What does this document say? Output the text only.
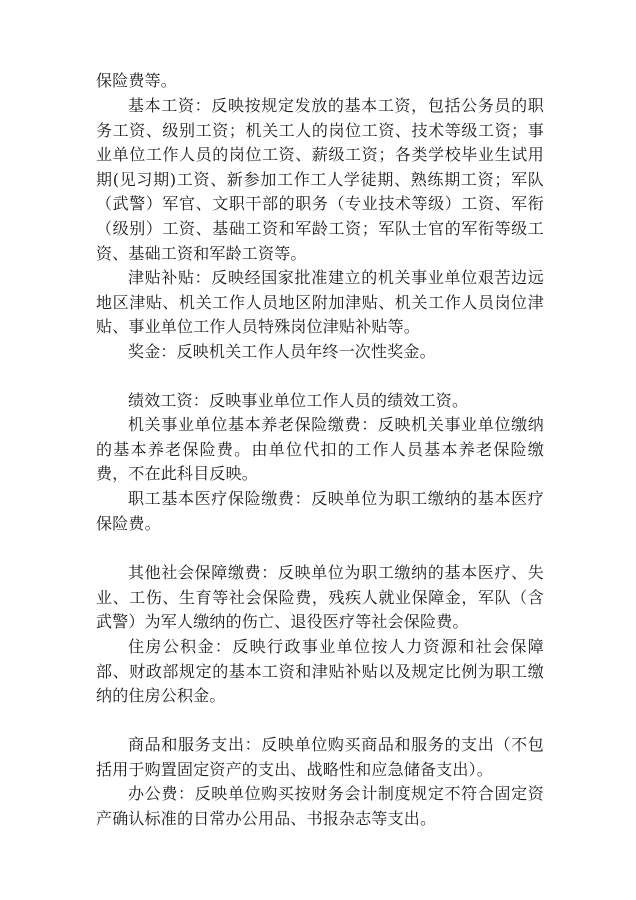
保险费等。

基本工资：反映按规定发放的基本工资，包括公务员的职务工资、级别工资；机关工人的岗位工资、技术等级工资；事业单位工作人员的岗位工资、薪级工资；各类学校毕业生试用期(见习期)工资、新参加工作工人学徒期、熟练期工资；军队（武警）军官、文职干部的职务（专业技术等级）工资、军衔（级别）工资、基础工资和军龄工资；军队士官的军衔等级工资、基础工资和军龄工资等。

津贴补贴：反映经国家批准建立的机关事业单位艰苦边远地区津贴、机关工作人员地区附加津贴、机关工作人员岗位津贴、事业单位工作人员特殊岗位津贴补贴等。

奖金：反映机关工作人员年终一次性奖金。

绩效工资：反映事业单位工作人员的绩效工资。

机关事业单位基本养老保险缴费：反映机关事业单位缴纳的基本养老保险费。由单位代扣的工作人员基本养老保险缴费，不在此科目反映。

职工基本医疗保险缴费：反映单位为职工缴纳的基本医疗保险费。

其他社会保障缴费：反映单位为职工缴纳的基本医疗、失业、工伤、生育等社会保险费，残疾人就业保障金，军队（含武警）为军人缴纳的伤亡、退役医疗等社会保险费。

住房公积金：反映行政事业单位按人力资源和社会保障部、财政部规定的基本工资和津贴补贴以及规定比例为职工缴纳的住房公积金。

商品和服务支出：反映单位购买商品和服务的支出（不包括用于购置固定资产的支出、战略性和应急储备支出）。

办公费：反映单位购买按财务会计制度规定不符合固定资产确认标准的日常办公用品、书报杂志等支出。
